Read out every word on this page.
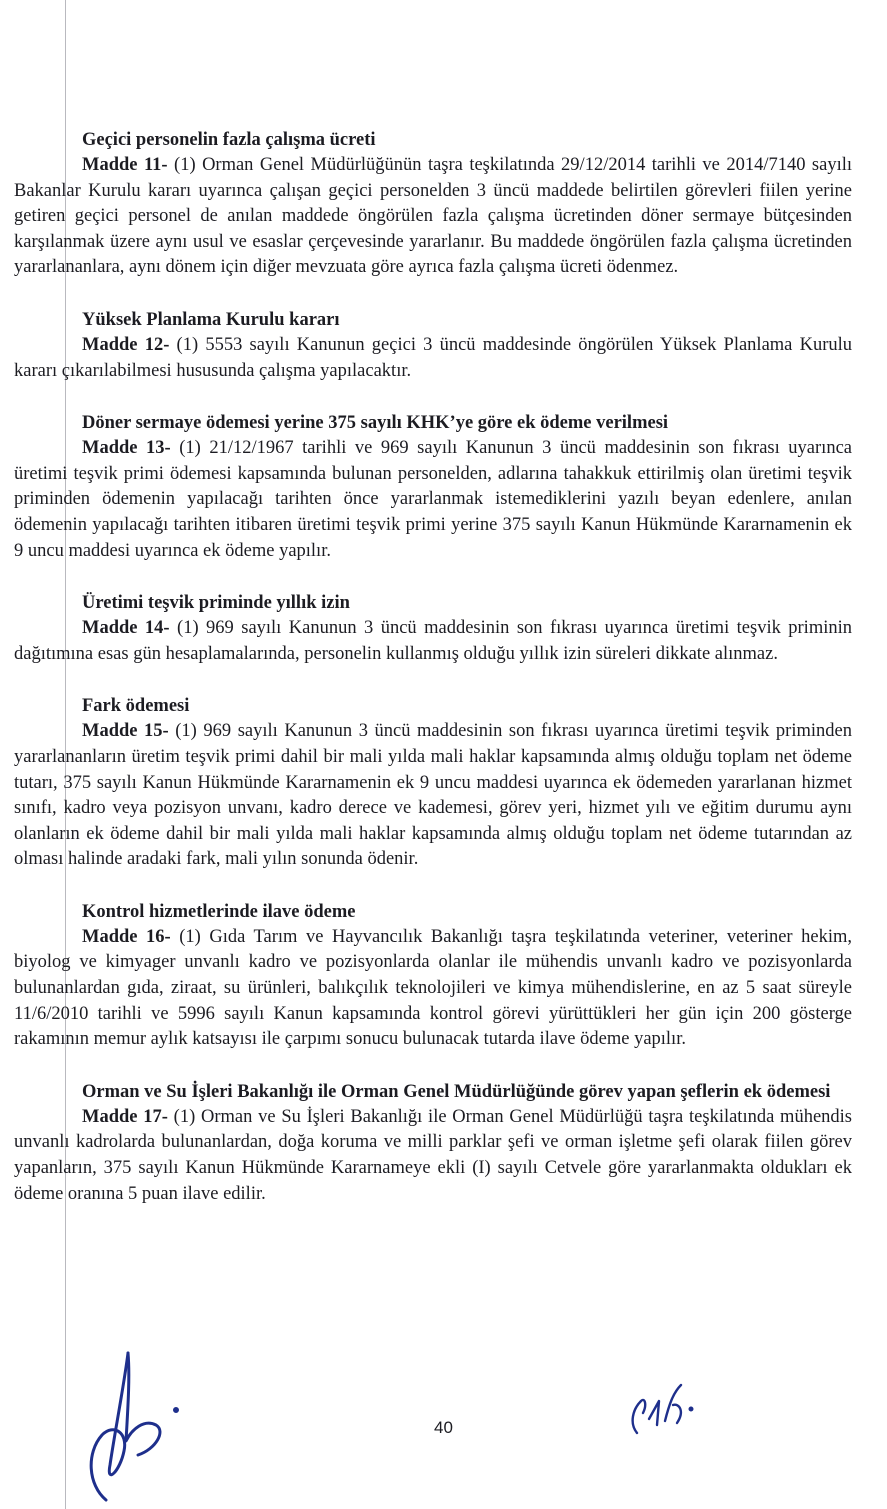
Geçici personelin fazla çalışma ücreti

Madde 11- (1) Orman Genel Müdürlüğünün taşra teşkilatında 29/12/2014 tarihli ve 2014/7140 sayılı Bakanlar Kurulu kararı uyarınca çalışan geçici personelden 3 üncü maddede belirtilen görevleri fiilen yerine getiren geçici personel de anılan maddede öngörülen fazla çalışma ücretinden döner sermaye bütçesinden karşılanmak üzere aynı usul ve esaslar çerçevesinde yararlanır. Bu maddede öngörülen fazla çalışma ücretinden yararlananlara, aynı dönem için diğer mevzuata göre ayrıca fazla çalışma ücreti ödenmez.

Yüksek Planlama Kurulu kararı

Madde 12- (1) 5553 sayılı Kanunun geçici 3 üncü maddesinde öngörülen Yüksek Planlama Kurulu kararı çıkarılabilmesi hususunda çalışma yapılacaktır.

Döner sermaye ödemesi yerine 375 sayılı KHK’ye göre ek ödeme verilmesi

Madde 13- (1) 21/12/1967 tarihli ve 969 sayılı Kanunun 3 üncü maddesinin son fıkrası uyarınca üretimi teşvik primi ödemesi kapsamında bulunan personelden, adlarına tahakkuk ettirilmiş olan üretimi teşvik priminden ödemenin yapılacağı tarihten önce yararlanmak istemediklerini yazılı beyan edenlere, anılan ödemenin yapılacağı tarihten itibaren üretimi teşvik primi yerine 375 sayılı Kanun Hükmünde Kararnamenin ek 9 uncu maddesi uyarınca ek ödeme yapılır.

Üretimi teşvik priminde yıllık izin

Madde 14- (1) 969 sayılı Kanunun 3 üncü maddesinin son fıkrası uyarınca üretimi teşvik priminin dağıtımına esas gün hesaplamalarında, personelin kullanmış olduğu yıllık izin süreleri dikkate alınmaz.

Fark ödemesi

Madde 15- (1) 969 sayılı Kanunun 3 üncü maddesinin son fıkrası uyarınca üretimi teşvik priminden yararlananların üretim teşvik primi dahil bir mali yılda mali haklar kapsamında almış olduğu toplam net ödeme tutarı, 375 sayılı Kanun Hükmünde Kararnamenin ek 9 uncu maddesi uyarınca ek ödemeden yararlanan hizmet sınıfı, kadro veya pozisyon unvanı, kadro derece ve kademesi, görev yeri, hizmet yılı ve eğitim durumu aynı olanların ek ödeme dahil bir mali yılda mali haklar kapsamında almış olduğu toplam net ödeme tutarından az olması halinde aradaki fark, mali yılın sonunda ödenir.

Kontrol hizmetlerinde ilave ödeme

Madde 16- (1) Gıda Tarım ve Hayvancılık Bakanlığı taşra teşkilatında veteriner, veteriner hekim, biyolog ve kimyager unvanlı kadro ve pozisyonlarda olanlar ile mühendis unvanlı kadro ve pozisyonlarda bulunanlardan gıda, ziraat, su ürünleri, balıkçılık teknolojileri ve kimya mühendislerine, en az 5 saat süreyle 11/6/2010 tarihli ve 5996 sayılı Kanun kapsamında kontrol görevi yürüttükleri her gün için 200 gösterge rakamının memur aylık katsayısı ile çarpımı sonucu bulunacak tutarda ilave ödeme yapılır.

Orman ve Su İşleri Bakanlığı ile Orman Genel Müdürlüğünde görev yapan şeflerin ek ödemesi

Madde 17- (1) Orman ve Su İşleri Bakanlığı ile Orman Genel Müdürlüğü taşra teşkilatında mühendis unvanlı kadrolarda bulunanlardan, doğa koruma ve milli parklar şefi ve orman işletme şefi olarak fiilen görev yapanların, 375 sayılı Kanun Hükmünde Kararnameye ekli (I) sayılı Cetvele göre yararlanmakta oldukları ek ödeme oranına 5 puan ilave edilir.

40
